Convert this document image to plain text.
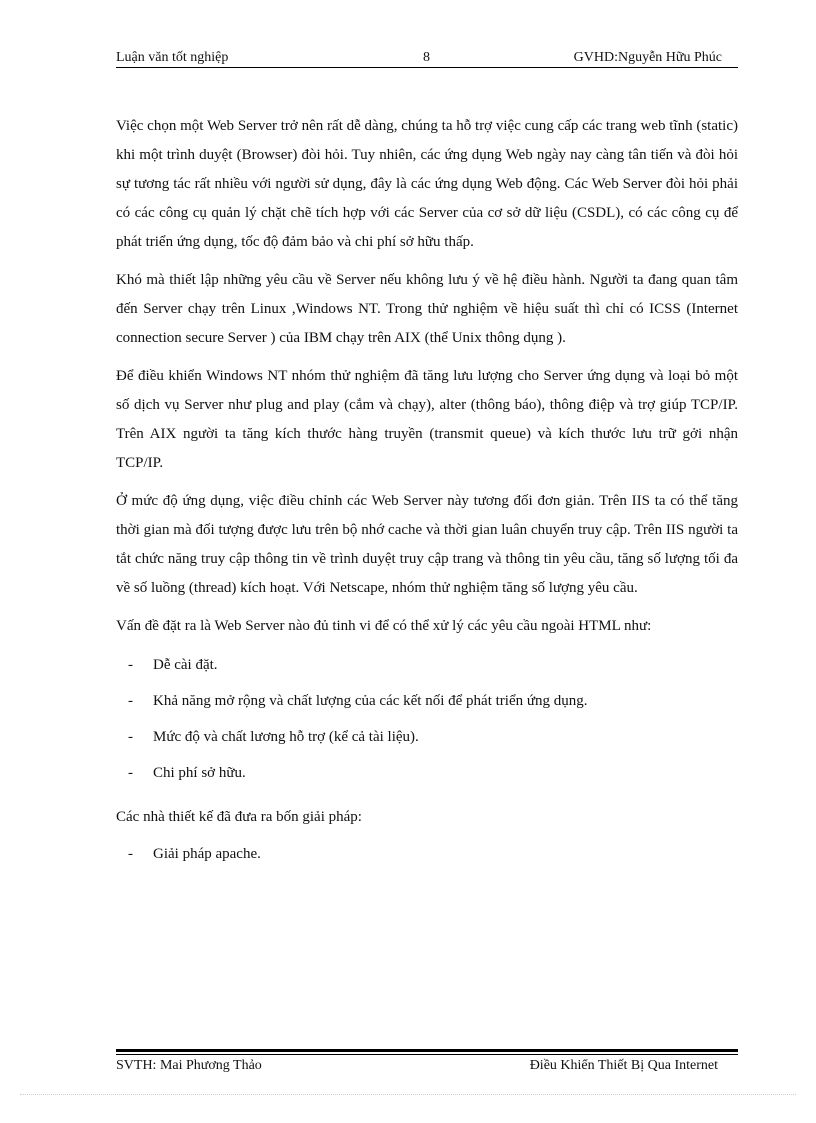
Luận văn tốt nghiệp	8	GVHD:Nguyễn Hữu Phúc

Việc chọn một Web Server trở nên rất dễ dàng, chúng ta hỗ trợ việc cung cấp các trang web tĩnh (static) khi một trình duyệt (Browser) đòi hỏi. Tuy nhiên, các ứng dụng Web ngày nay càng tân tiến và đòi hỏi sự tương tác rất nhiều với người sử dụng, đây là các ứng dụng Web động. Các Web Server đòi hỏi phải có các công cụ quản lý chặt chẽ tích hợp với các Server của cơ sở dữ liệu (CSDL), có các công cụ để phát triển ứng dụng, tốc độ đảm bảo và chi phí sở hữu thấp.

Khó mà thiết lập những yêu cầu về Server nếu không lưu ý về hệ điều hành. Người ta đang quan tâm đến Server chạy trên Linux ,Windows NT. Trong thử nghiệm về hiệu suất thì chỉ có ICSS (Internet connection secure Server ) của IBM chạy trên AIX (thể Unix thông dụng ).

Để điều khiển Windows NT nhóm thử nghiệm đã tăng lưu lượng cho Server ứng dụng và loại bỏ một số dịch vụ Server như plug and play (cắm và chạy), alter (thông báo), thông điệp và trợ giúp TCP/IP. Trên AIX người ta tăng kích thước hàng truyền (transmit queue) và kích thước lưu trữ gởi nhận TCP/IP.

Ở mức độ ứng dụng, việc điều chỉnh các Web Server này tương đối đơn giản. Trên IIS ta có thể tăng thời gian mà đối tượng được lưu trên bộ nhớ cache và thời gian luân chuyển truy cập. Trên IIS người ta tắt chức năng truy cập thông tin về trình duyệt truy cập trang và thông tin yêu cầu, tăng số lượng tối đa về số luồng (thread) kích hoạt. Với Netscape, nhóm thử nghiệm tăng số lượng yêu cầu.

Vấn đề đặt ra là Web Server nào đủ tinh vi để có thể xử lý các yêu cầu ngoài HTML như:

- Dễ cài đặt.
- Khả năng mở rộng và chất lượng của các kết nối để phát triển ứng dụng.
- Mức độ và chất lương hỗ trợ (kể cả tài liệu).
- Chi phí sở hữu.

Các nhà thiết kế đã đưa ra bốn giải pháp:

- Giải pháp apache.
SVTH: Mai Phương Thảo	Điều Khiển Thiết Bị Qua Internet
